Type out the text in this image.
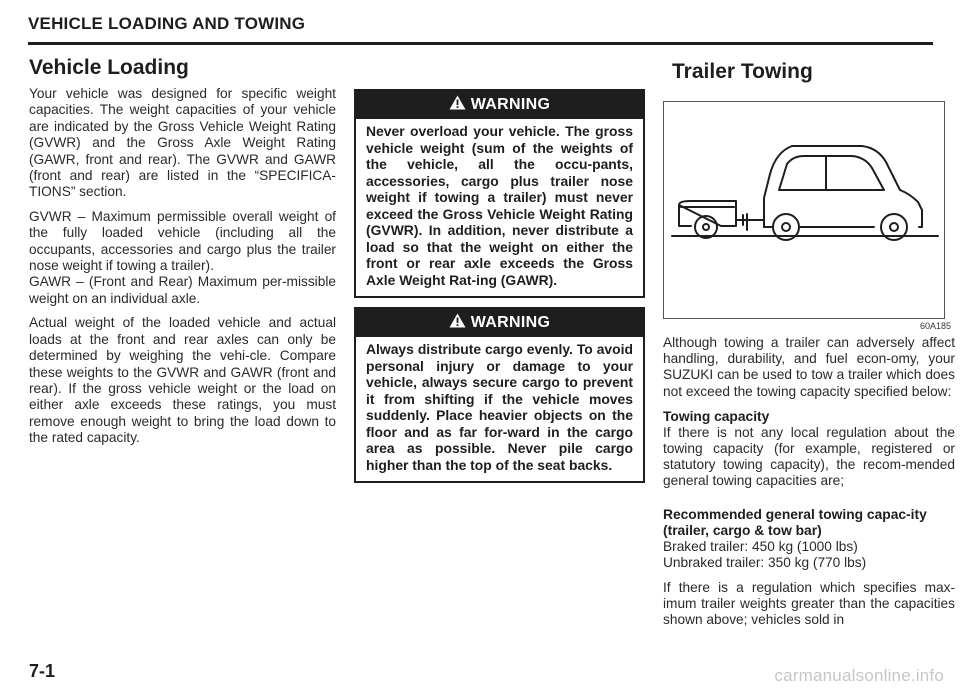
VEHICLE LOADING AND TOWING
Vehicle Loading

Your vehicle was designed for specific weight capacities. The weight capacities of your vehicle are indicated by the Gross Vehicle Weight Rating (GVWR) and the Gross Axle Weight Rating (GAWR, front and rear). The GVWR and GAWR (front and rear) are listed in the “SPECIFICA-TIONS” section.

GVWR – Maximum permissible overall weight of the fully loaded vehicle (including all the occupants, accessories and cargo plus the trailer nose weight if towing a trailer).

GAWR – (Front and Rear) Maximum per-missible weight on an individual axle.

Actual weight of the loaded vehicle and actual loads at the front and rear axles can only be determined by weighing the vehi-cle. Compare these weights to the GVWR and GAWR (front and rear). If the gross vehicle weight or the load on either axle exceeds these ratings, you must remove enough weight to bring the load down to the rated capacity.

WARNING
Never overload your vehicle. The gross vehicle weight (sum of the weights of the vehicle, all the occu-pants, accessories, cargo plus trailer nose weight if towing a trailer) must never exceed the Gross Vehicle Weight Rating (GVWR). In addition, never distribute a load so that the weight on either the front or rear axle exceeds the Gross Axle Weight Rat-ing (GAWR).
WARNING
Always distribute cargo evenly. To avoid personal injury or damage to your vehicle, always secure cargo to prevent it from shifting if the vehicle moves suddenly. Place heavier objects on the floor and as far for-ward in the cargo area as possible. Never pile cargo higher than the top of the seat backs.
Trailer Towing
60A185

Although towing a trailer can adversely affect handling, durability, and fuel econ-omy, your SUZUKI can be used to tow a trailer which does not exceed the towing capacity specified below:

Towing capacity

If there is not any local regulation about the towing capacity (for example, registered or statutory towing capacity), the recom-mended general towing capacities are;

Recommended general towing capac-ity (trailer, cargo & tow bar)
Braked trailer: 450 kg (1000 lbs)
Unbraked trailer: 350 kg (770 lbs)

If there is a regulation which specifies max-imum trailer weights greater than the capacities shown above; vehicles sold in

7-1	carmanualsonline.info
